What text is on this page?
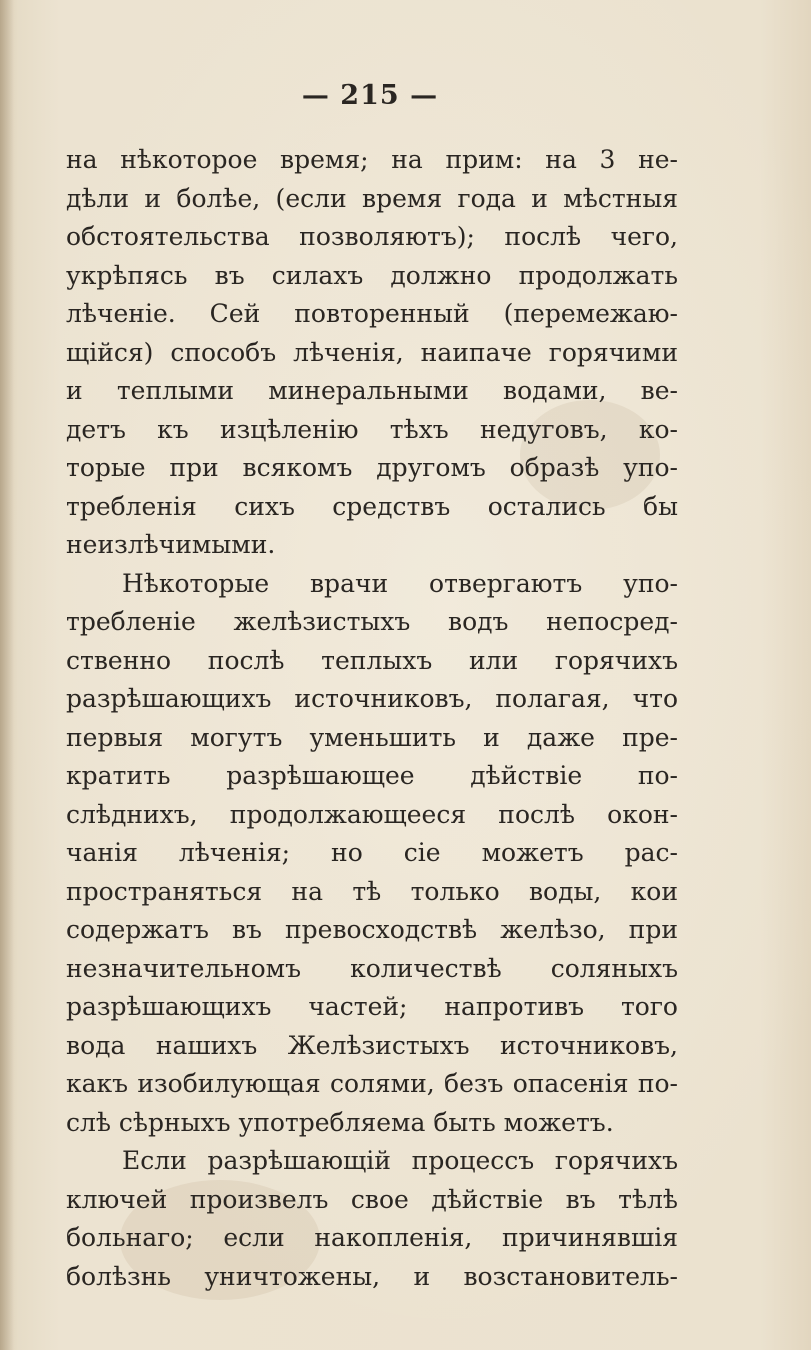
— 215 —

на нѣкоторое время; на прим: на 3 не-
дѣли и болѣе, (если время года и мѣстныя
обстоятельства позволяютъ); послѣ чего,
укрѣпясь въ силахъ должно продолжать
лѣченіе. Сей повторенный (перемежаю-
щійся) способъ лѣченія, наипаче горячими
и теплыми минеральными водами, ве-
детъ къ изцѣленію тѣхъ недуговъ, ко-
торые при всякомъ другомъ образѣ упо-
требленія сихъ средствъ остались бы
неизлѣчимыми.
Нѣкоторые врачи отвергаютъ упо-
требленіе желѣзистыхъ водъ непосред-
ственно послѣ теплыхъ или горячихъ
разрѣшающихъ источниковъ, полагая, что
первыя могутъ уменьшить и даже пре-
кратить разрѣшающее дѣйствіе по-
слѣднихъ, продолжающееся послѣ окон-
чанія лѣченія; но сіе можетъ рас-
пространяться на тѣ только воды, кои
содержатъ въ превосходствѣ желѣзо, при
незначительномъ количествѣ соляныхъ
разрѣшающихъ частей; напротивъ того
вода нашихъ Желѣзистыхъ источниковъ,
какъ изобилующая солями, безъ опасенія по-
слѣ сѣрныхъ употребляема быть можетъ.
Если разрѣшающій процессъ горячихъ
ключей произвелъ свое дѣйствіе въ тѣлѣ
больнаго; если накопленія, причинявшія
болѣзнь уничтожены, и возстановитель-
